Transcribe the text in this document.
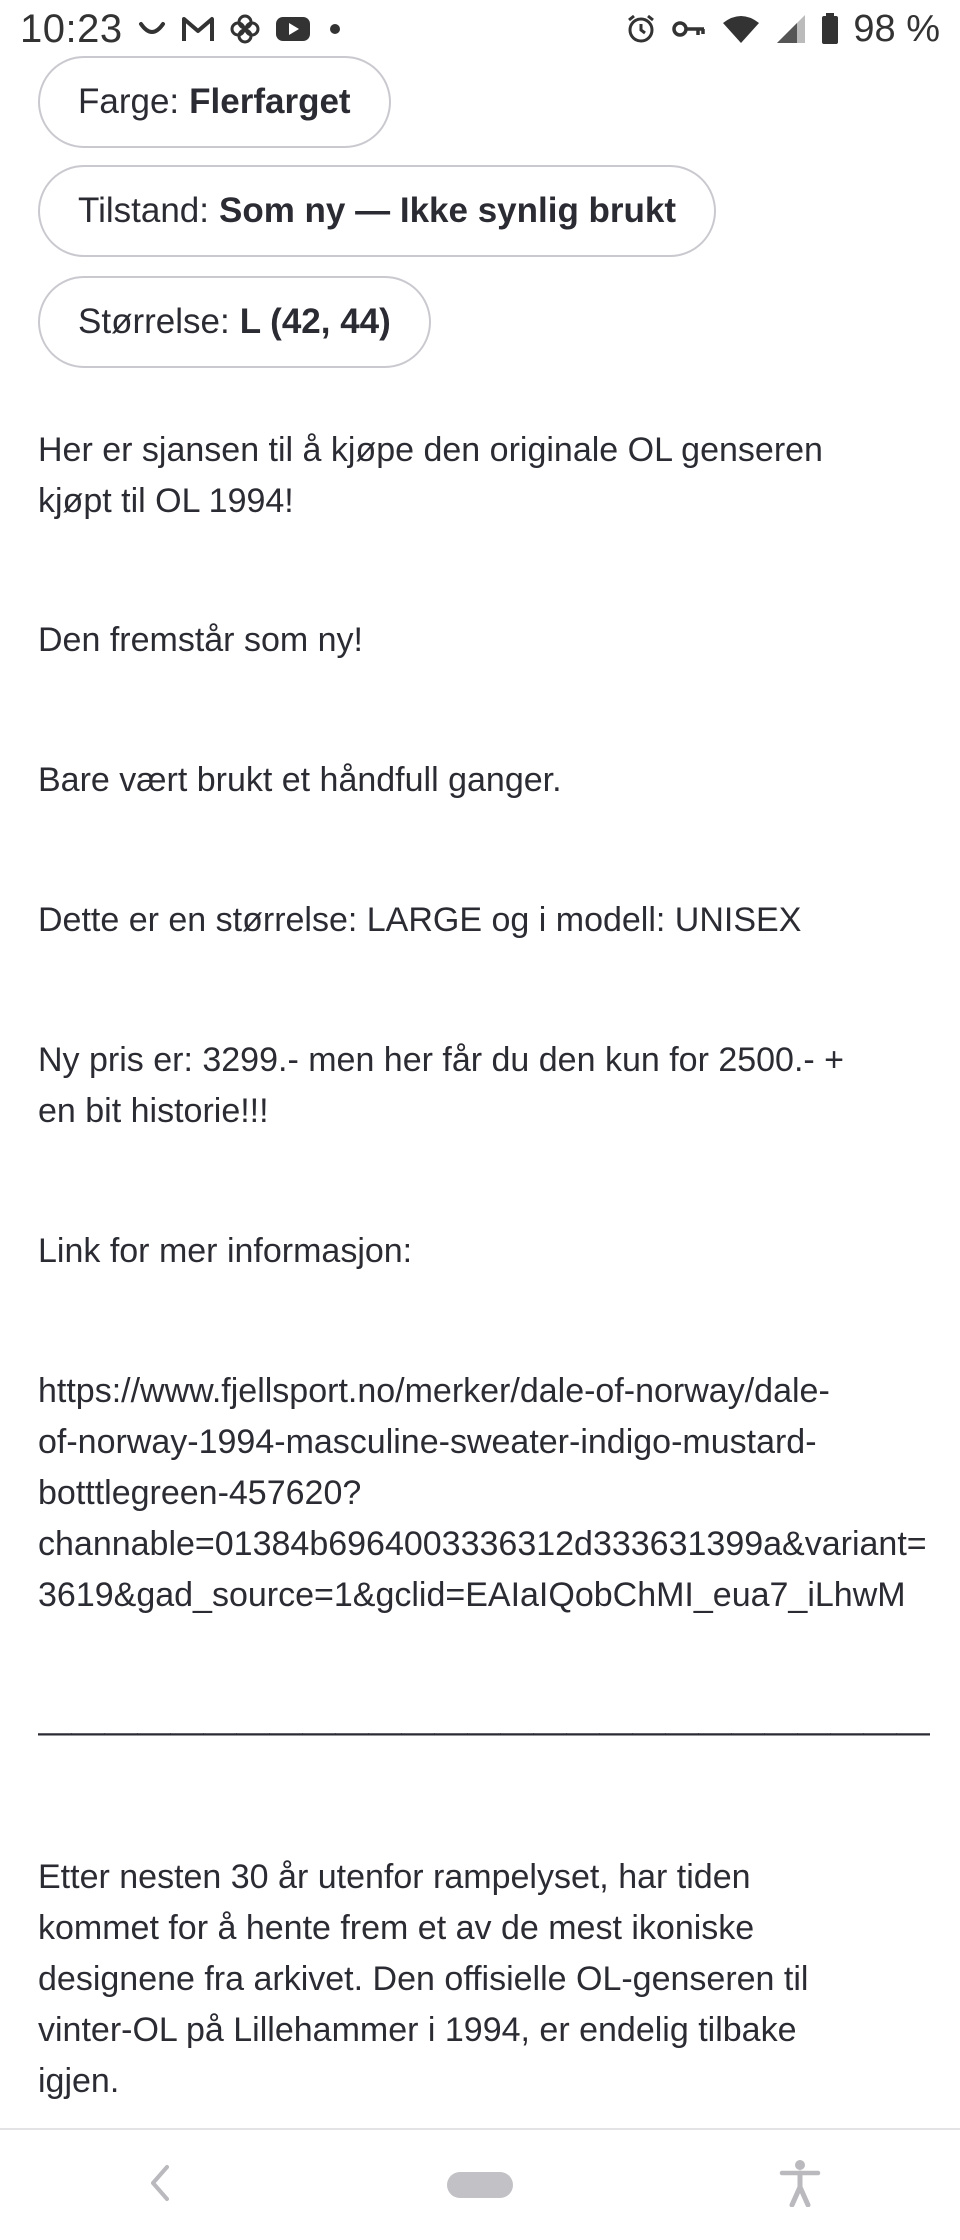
10:23	98 %
Farge: Flerfarget
Tilstand: Som ny — Ikke synlig brukt
Størrelse: L (42, 44)
Her er sjansen til å kjøpe den originale OL genseren
kjøpt til OL 1994!
Den fremstår som ny!
Bare vært brukt et håndfull ganger.
Dette er en størrelse: LARGE og i modell: UNISEX
Ny pris er: 3299.- men her får du den kun for 2500.- +
en bit historie!!!
Link for mer informasjon:
https://www.fjellsport.no/merker/dale-of-norway/dale-
of-norway-1994-masculine-sweater-indigo-mustard-
botttlegreen-457620?
channable=01384b6964003336312d333631399a&variant=
3619&gad_source=1&gclid=EAIaIQobChMI_eua7_iLhwM
———————————————————————————
Etter nesten 30 år utenfor rampelyset, har tiden
kommet for å hente frem et av de mest ikoniske
designene fra arkivet. Den offisielle OL-genseren til
vinter-OL på Lillehammer i 1994, er endelig tilbake
igjen.
